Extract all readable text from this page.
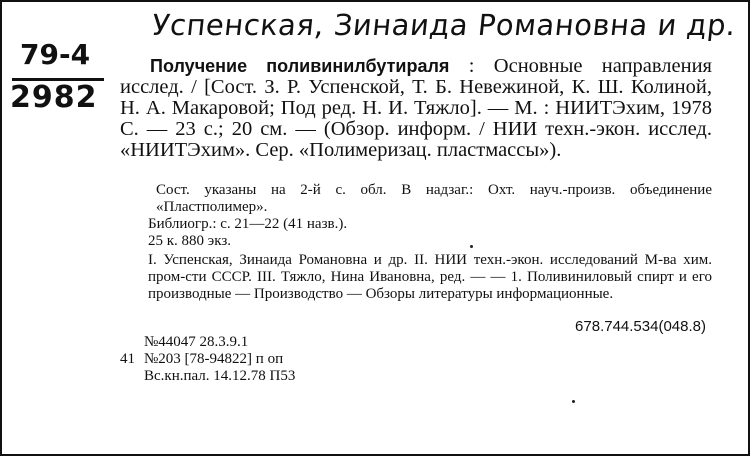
Успенская, Зинаида Романовна и др.
79-4
2982
Получение поливинилбутираля : Основные направления исслед. / [Сост. З. Р. Успенской, Т. Б. Невежиной, К. Ш. Колиной, Н. А. Макаровой; Под ред. Н. И. Тяжло]. — М. : НИИТЭхим, 1978 С. — 23 с.; 20 см. — (Обзор. информ. / НИИ техн.-экон. исслед. «НИИТЭхим». Сер. «Полимеризац. пластмассы»).
Сост. указаны на 2-й с. обл. В надзаг.: Охт. науч.-произв. объединение «Пластполимер».
Библиогр.: с. 21—22 (41 назв.).
25 к. 880 экз.
I. Успенская, Зинаида Романовна и др. II. НИИ техн.-экон. исследований М-ва хим. пром-сти СССР. III. Тяжло, Нина Ивановна, ред. — — 1. Поливиниловый спирт и его производные — Производство — Обзоры литературы информационные.
678.744.534(048.8)
№44047 28.3.9.1
41 №203 [78-94822] п оп
Вс.кн.пал. 14.12.78 П53
